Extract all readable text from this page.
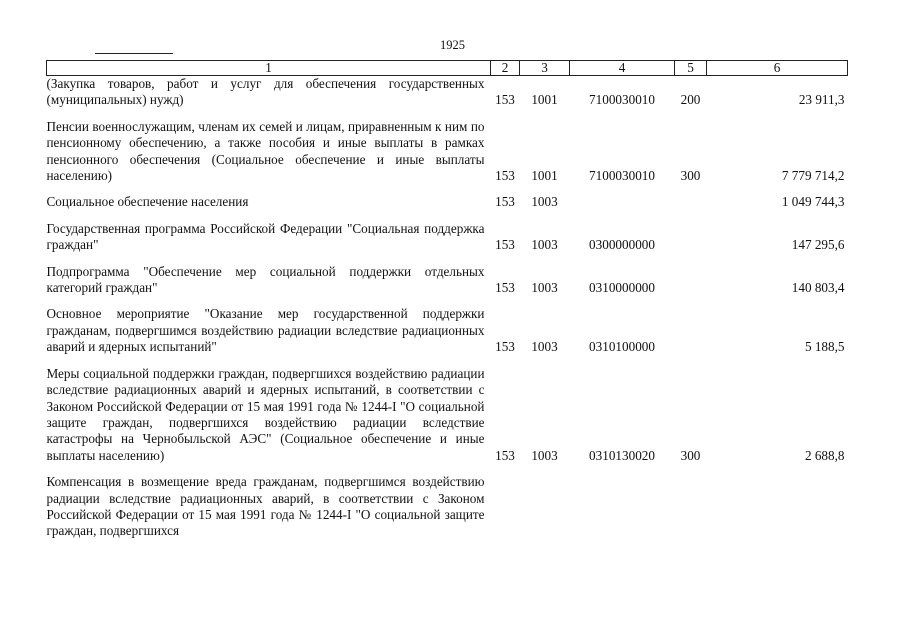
1925
1	2	3	4	5	6
(Закупка товаров, работ и услуг для обеспечения государственных (муниципальных) нужд)	153	1001	7100030010	200	23 911,3

Пенсии военнослужащим, членам их семей и лицам, приравненным к ним по пенсионному обеспечению, а также пособия и иные выплаты в рамках пенсионного обеспечения (Социальное обеспечение и иные выплаты населению)	153	1001	7100030010	300	7 779 714,2

Социальное обеспечение населения	153	1003			1 049 744,3

Государственная программа Российской Федерации "Социальная поддержка граждан"	153	1003	0300000000		147 295,6

Подпрограмма "Обеспечение мер социальной поддержки отдельных категорий граждан"	153	1003	0310000000		140 803,4

Основное мероприятие "Оказание мер государственной поддержки гражданам, подвергшимся воздействию радиации вследствие радиационных аварий и ядерных испытаний"	153	1003	0310100000		5 188,5

Меры социальной поддержки граждан, подвергшихся воздействию радиации вследствие радиационных аварий и ядерных испытаний, в соответствии с Законом Российской Федерации от 15 мая 1991 года № 1244-I "О социальной защите граждан, подвергшихся воздействию радиации вследствие катастрофы на Чернобыльской АЭС" (Социальное обеспечение и иные выплаты населению)	153	1003	0310130020	300	2 688,8

Компенсация в возмещение вреда гражданам, подвергшимся воздействию радиации вследствие радиационных аварий, в соответствии с Законом Российской Федерации от 15 мая 1991 года № 1244-I "О социальной защите граждан, подвергшихся					
